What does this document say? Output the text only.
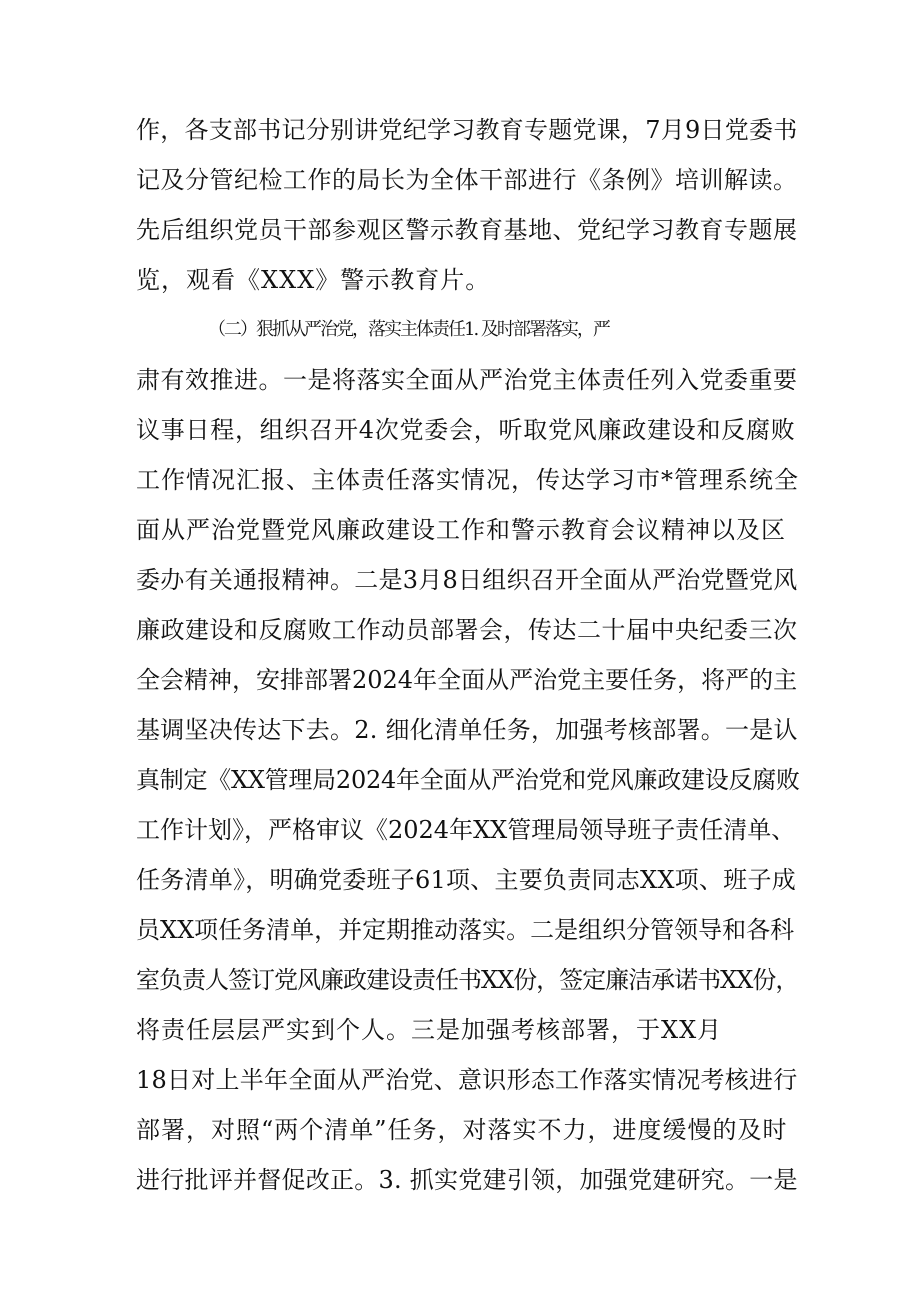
作，各支部书记分别讲党纪学习教育专题党课，7月9日党委书
记及分管纪检工作的局长为全体干部进行《条例》培训解读。
先后组织党员干部参观区警示教育基地、党纪学习教育专题展
览，观看《XXX》警示教育片。
（二）狠抓从严治党，落实主体责任1. 及时部署落实，严
肃有效推进。一是将落实全面从严治党主体责任列入党委重要
议事日程，组织召开4次党委会，听取党风廉政建设和反腐败
工作情况汇报、主体责任落实情况，传达学习市*管理系统全
面从严治党暨党风廉政建设工作和警示教育会议精神以及区
委办有关通报精神。二是3月8日组织召开全面从严治党暨党风
廉政建设和反腐败工作动员部署会，传达二十届中央纪委三次
全会精神，安排部署2024年全面从严治党主要任务，将严的主
基调坚决传达下去。2. 细化清单任务，加强考核部署。一是认
真制定《XX管理局2024年全面从严治党和党风廉政建设反腐败
工作计划》，严格审议《2024年XX管理局领导班子责任清单、
任务清单》，明确党委班子61项、主要负责同志XX项、班子成
员XX项任务清单，并定期推动落实。二是组织分管领导和各科
室负责人签订党风廉政建设责任书XX份，签定廉洁承诺书XX份，
将责任层层严实到个人。三是加强考核部署，于XX月
18日对上半年全面从严治党、意识形态工作落实情况考核进行
部署，对照“两个清单”任务，对落实不力，进度缓慢的及时
进行批评并督促改正。3. 抓实党建引领，加强党建研究。一是
